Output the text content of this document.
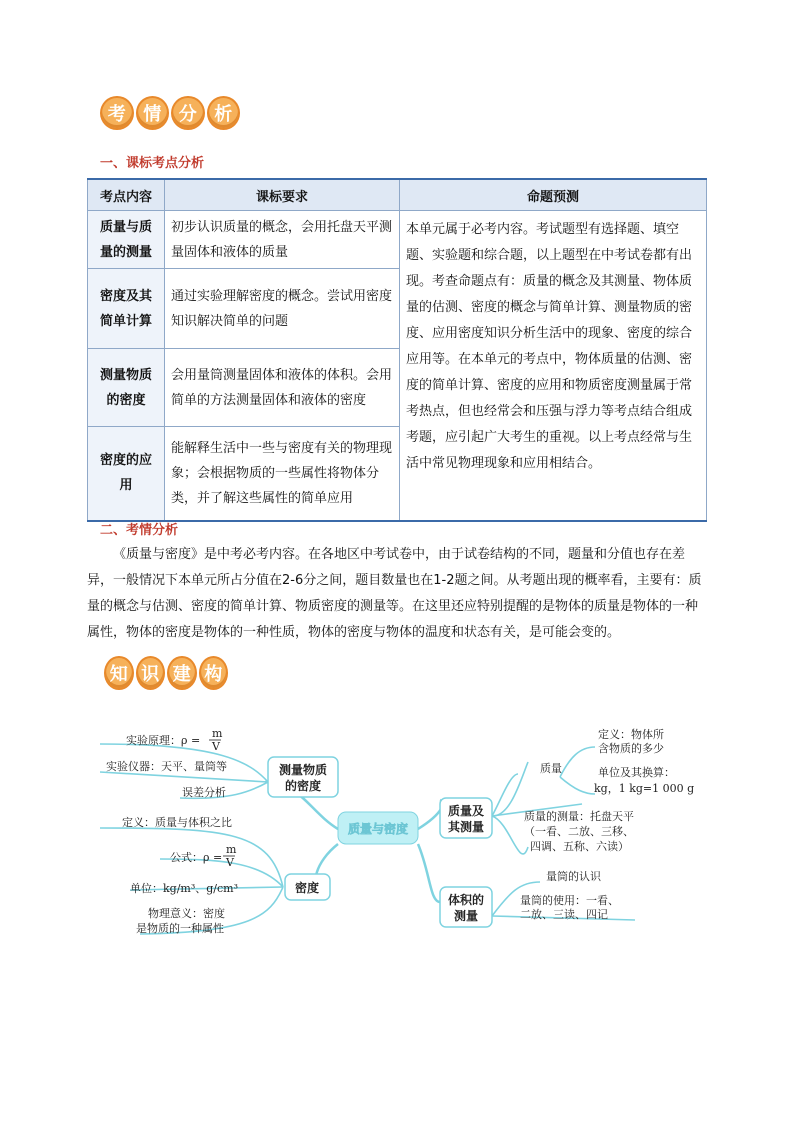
考 情 分 析
一、课标考点分析
考点内容	课标要求	命题预测
质量与质量的测量	初步认识质量的概念，会用托盘天平测量固体和液体的质量	本单元属于必考内容。考试题型有选择题、填空题、实验题和综合题，以上题型在中考试卷都有出现。考查命题点有：质量的概念及其测量、物体质量的估测、密度的概念与简单计算、测量物质的密度、应用密度知识分析生活中的现象、密度的综合应用等。在本单元的考点中，物体质量的估测、密度的简单计算、密度的应用和物质密度测量属于常考热点，但也经常会和压强与浮力等考点结合组成考题，应引起广大考生的重视。以上考点经常与生活中常见物理现象和应用相结合。
密度及其简单计算	通过实验理解密度的概念。尝试用密度知识解决简单的问题	
测量物质的密度	会用量筒测量固体和液体的体积。会用简单的方法测量固体和液体的密度	
密度的应用	能解释生活中一些与密度有关的物理现象；会根据物质的一些属性将物体分类，并了解这些属性的简单应用	
二、考情分析
《质量与密度》是中考必考内容。在各地区中考试卷中，由于试卷结构的不同，题量和分值也存在差异，一般情况下本单元所占分值在2-6分之间，题目数量也在1-2题之间。从考题出现的概率看，主要有：质量的概念与估测、密度的简单计算、物质密度的测量等。在这里还应特别提醒的是物体的质量是物体的一种属性，物体的密度是物体的一种性质，物体的密度与物体的温度和状态有关，是可能会变的。
知 识 建 构
质量与密度
测量物质
的密度
实验原理：ρ =
m
V
实验仪器：天平、量筒等
误差分析
密度
定义：质量与体积之比
公式：ρ =
m
V
单位：kg/m³、g/cm³
物理意义：密度
是物质的一种属性
质量及
其测量
质量
定义：物体所
含物质的多少
单位及其换算：
kg，1 kg=1 000 g
质量的测量：托盘天平
（一看、二放、三移、
四调、五称、六读）
体积的
测量
量筒的认识
量筒的使用：一看、
二放、三读、四记
